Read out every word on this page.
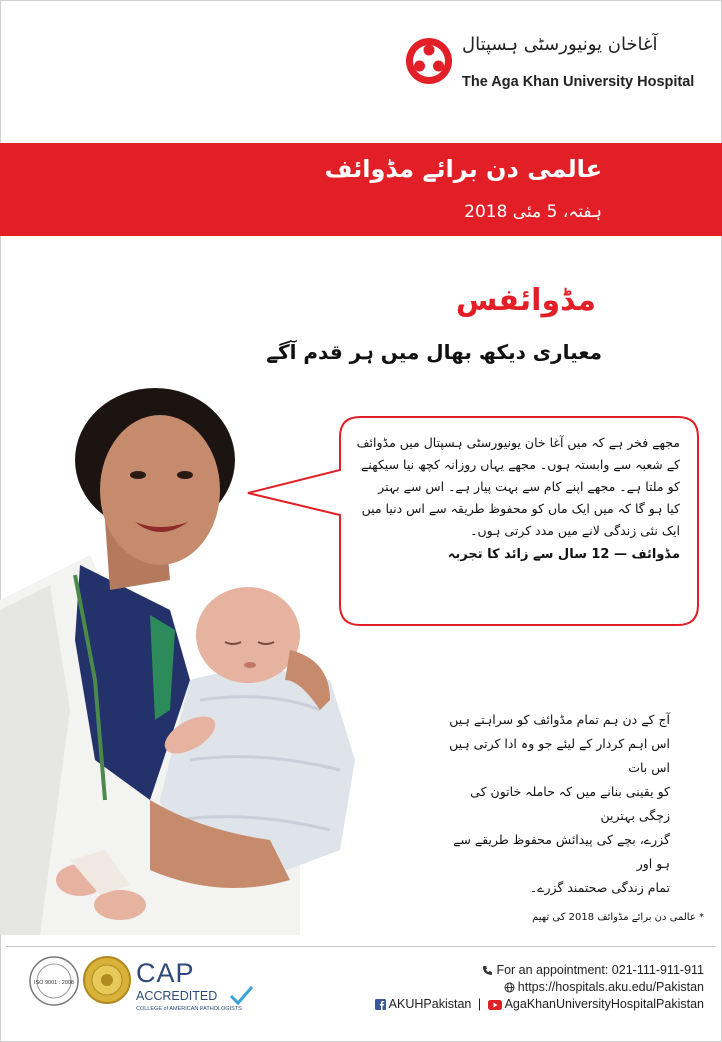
آغاخان یونیورسٹی ہسپتال
The Aga Khan University Hospital
عالمی دن برائے مڈوائف
ہفتہ، 5 مئی 2018
مڈوائفس
معیاری دیکھ بھال میں ہر قدم آگے

مجھے فخر ہے کہ میں آغا خان یونیورسٹی ہسپتال میں مڈوائف

کے شعبہ سے وابستہ ہوں۔ مجھے یہاں روزانہ کچھ نیا سیکھنے

کو ملتا ہے۔ مجھے اپنے کام سے بہت پیار ہے۔ اس سے بہتر

کیا ہو گا کہ میں ایک ماں کو محفوظ طریقہ سے اس دنیا میں

ایک نئی زندگی لانے میں مدد کرتی ہوں۔

مڈوائف — 12 سال سے زائد کا تجربہ

آج کے دن ہم تمام مڈوائف کو سراہتے ہیں

اس اہم کردار کے لیئے جو وہ ادا کرتی ہیں اس بات

کو یقینی بنانے میں کہ حاملہ خاتون کی زچگی بہترین

گزرے، بچے کی پیدائش محفوظ طریقے سے ہو اور

تمام زندگی صحتمند گزرے۔

* عالمی دن برائے مڈوائف 2018 کی تھیم
ISO 9001 : 2008 CAP
ACCREDITED
COLLEGE of AMERICAN PATHOLOGISTS
For an appointment: 021-111-911-911
https://hospitals.aku.edu/Pakistan
AKUHPakistan | AgaKhanUniversityHospitalPakistan
